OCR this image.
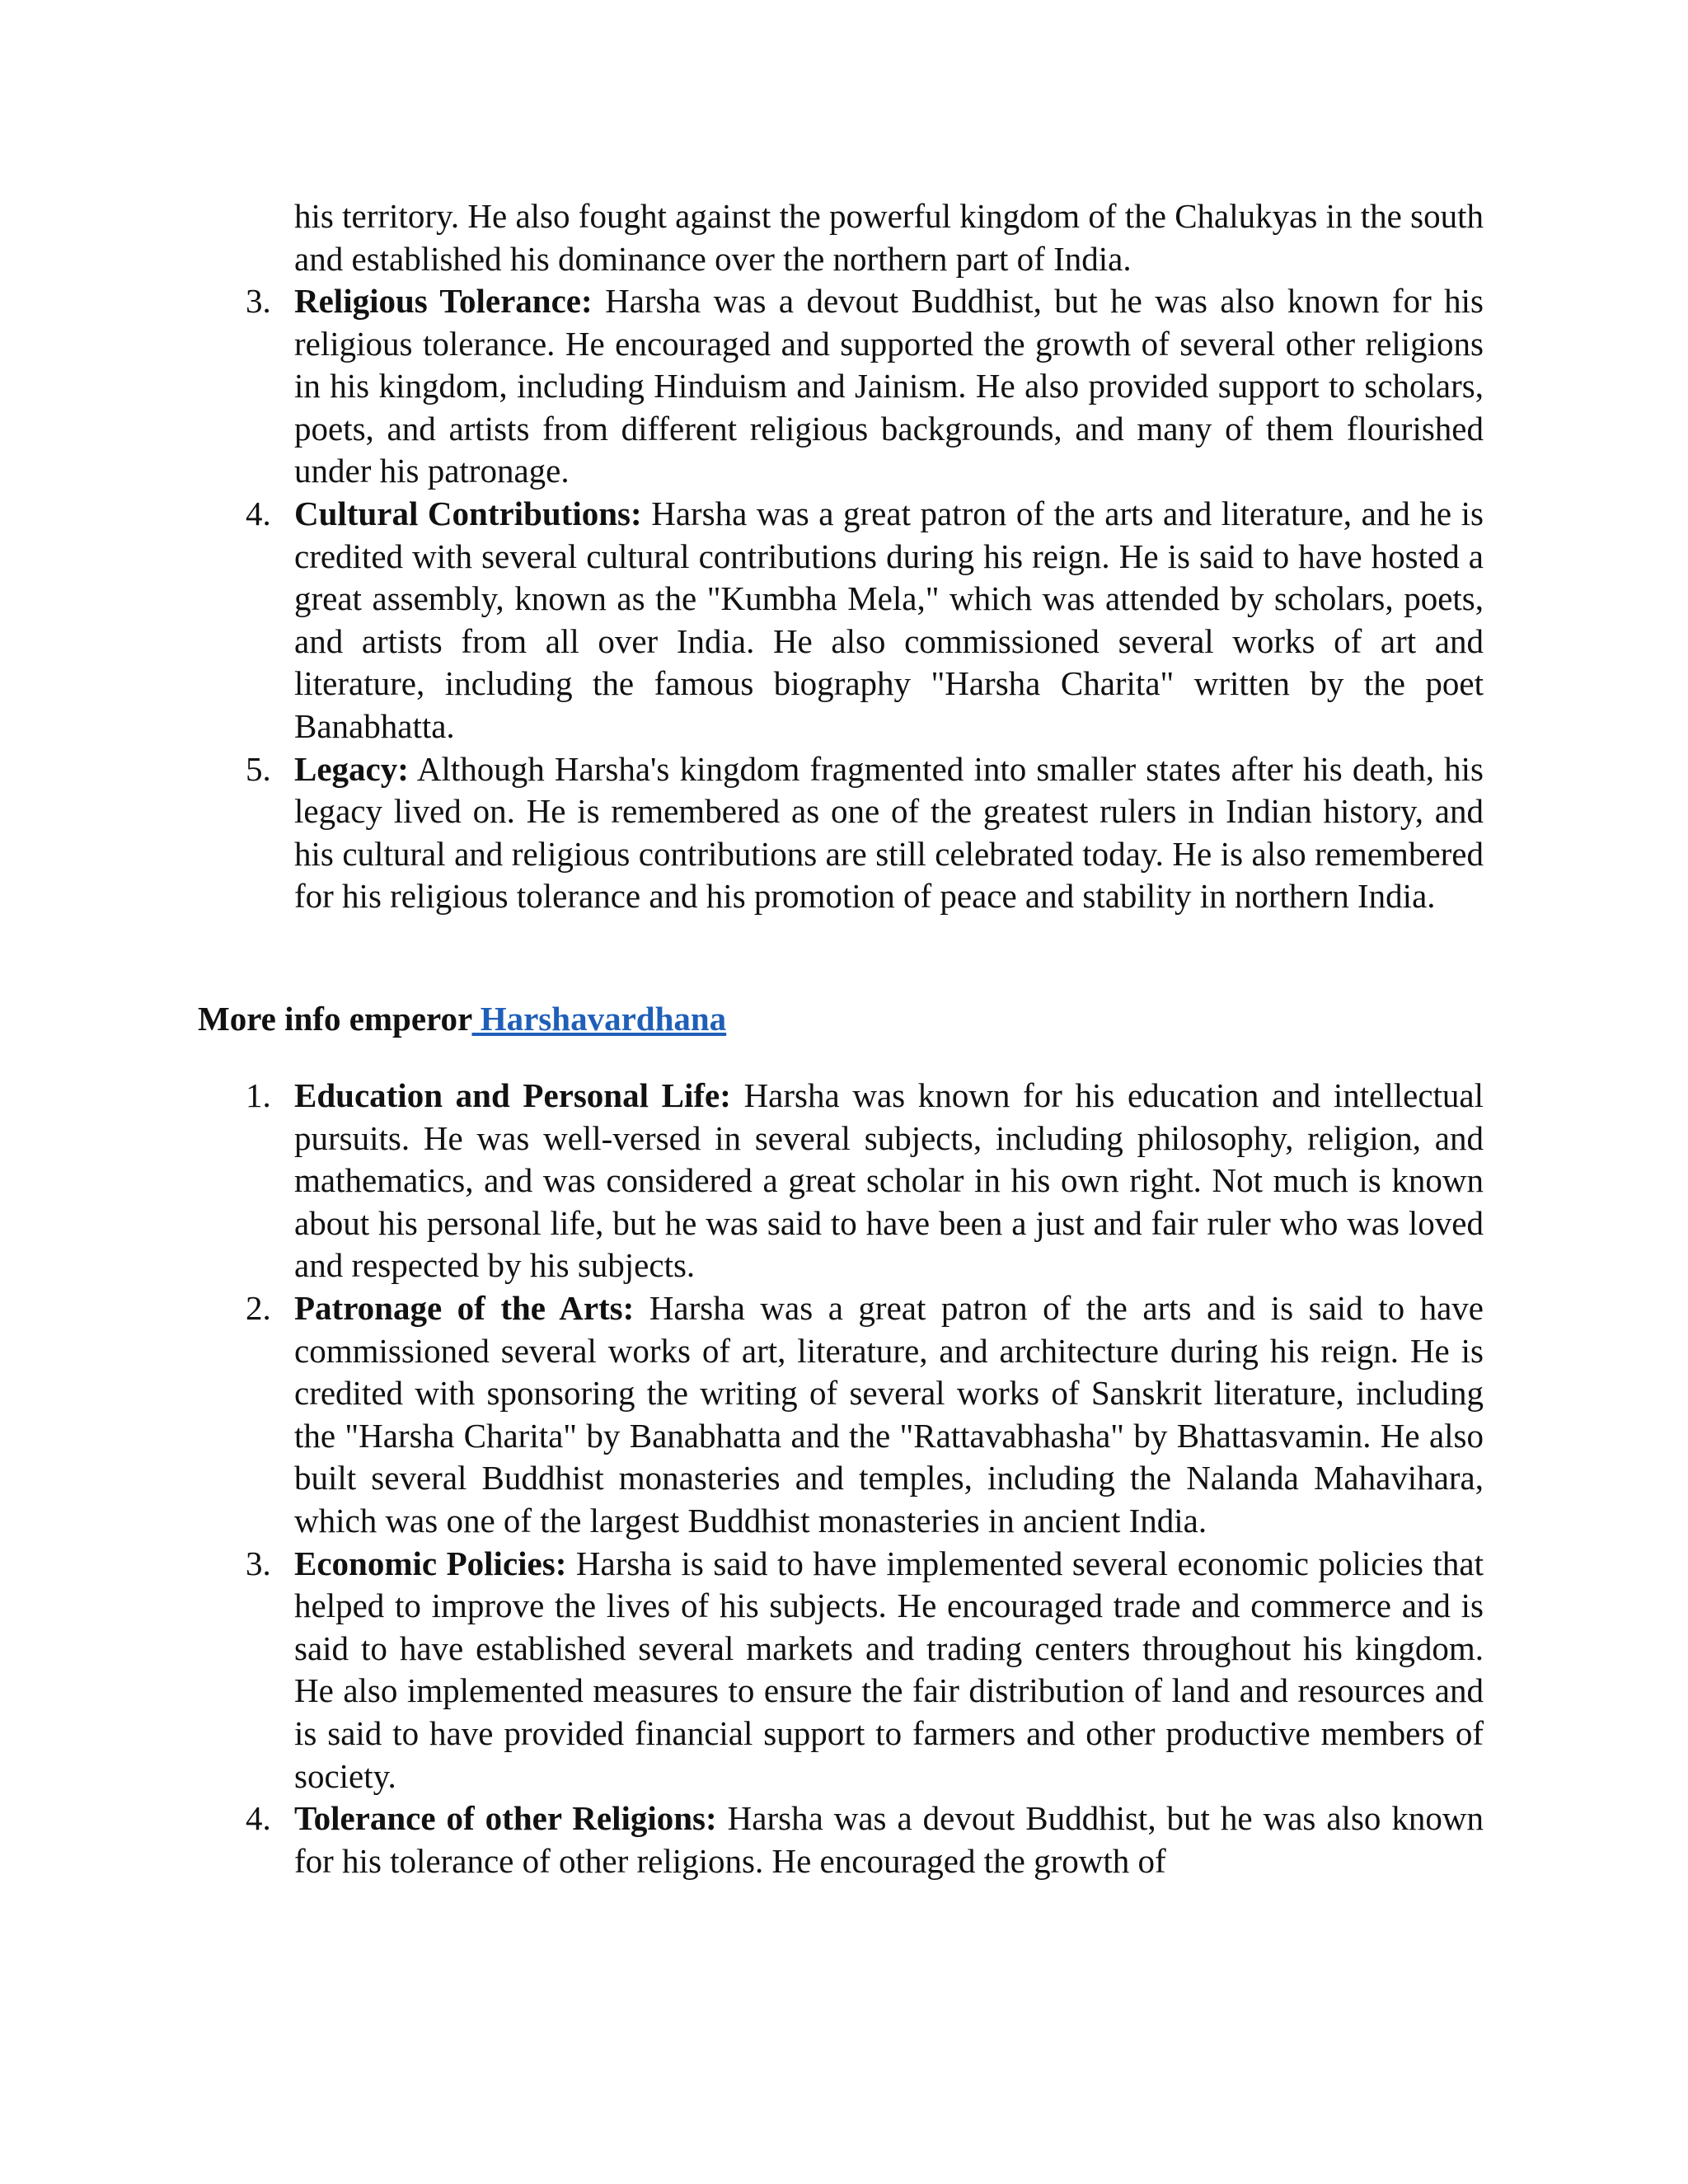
his territory. He also fought against the powerful kingdom of the Chalukyas in the south and established his dominance over the northern part of India.

3. Religious Tolerance: Harsha was a devout Buddhist, but he was also known for his religious tolerance. He encouraged and supported the growth of several other religions in his kingdom, including Hinduism and Jainism. He also provided support to scholars, poets, and artists from different religious backgrounds, and many of them flourished under his patronage.
4. Cultural Contributions: Harsha was a great patron of the arts and literature, and he is credited with several cultural contributions during his reign. He is said to have hosted a great assembly, known as the "Kumbha Mela," which was attended by scholars, poets, and artists from all over India. He also commissioned several works of art and literature, including the famous biography "Harsha Charita" written by the poet Banabhatta.
5. Legacy: Although Harsha's kingdom fragmented into smaller states after his death, his legacy lived on. He is remembered as one of the greatest rulers in Indian history, and his cultural and religious contributions are still celebrated today. He is also remembered for his religious tolerance and his promotion of peace and stability in northern India.

More info emperor Harshavardhana

1. Education and Personal Life: Harsha was known for his education and intellectual pursuits. He was well-versed in several subjects, including philosophy, religion, and mathematics, and was considered a great scholar in his own right. Not much is known about his personal life, but he was said to have been a just and fair ruler who was loved and respected by his subjects.
2. Patronage of the Arts: Harsha was a great patron of the arts and is said to have commissioned several works of art, literature, and architecture during his reign. He is credited with sponsoring the writing of several works of Sanskrit literature, including the "Harsha Charita" by Banabhatta and the "Rattavabhasha" by Bhattasvamin. He also built several Buddhist monasteries and temples, including the Nalanda Mahavihara, which was one of the largest Buddhist monasteries in ancient India.
3. Economic Policies: Harsha is said to have implemented several economic policies that helped to improve the lives of his subjects. He encouraged trade and commerce and is said to have established several markets and trading centers throughout his kingdom. He also implemented measures to ensure the fair distribution of land and resources and is said to have provided financial support to farmers and other productive members of society.
4. Tolerance of other Religions: Harsha was a devout Buddhist, but he was also known for his tolerance of other religions. He encouraged the growth of
